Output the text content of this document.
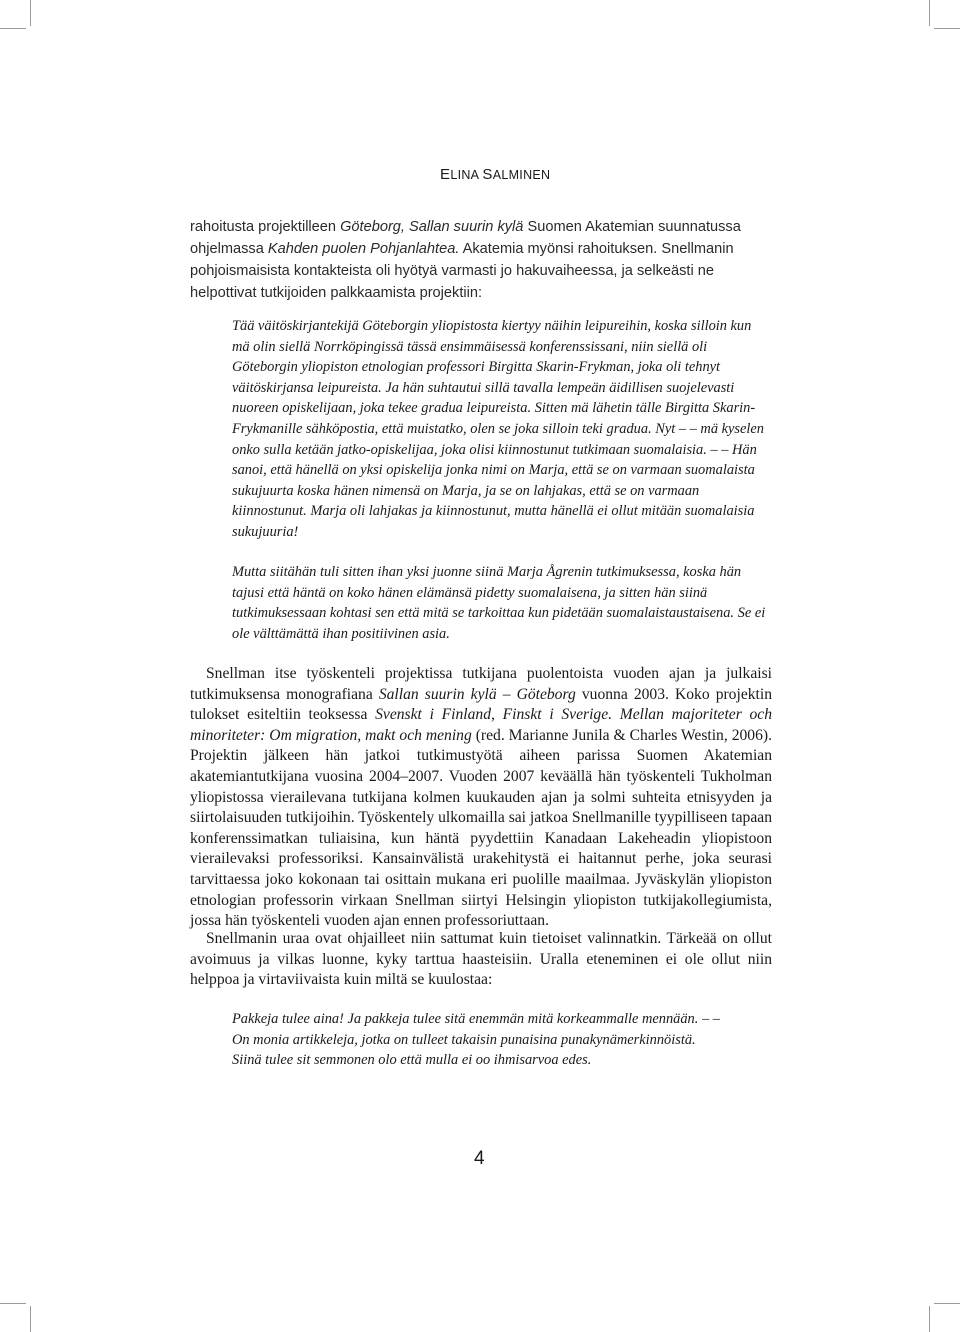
ELINA SALMINEN

rahoitusta projektilleen Göteborg, Sallan suurin kylä Suomen Akatemian suunnatussa ohjelmassa Kahden puolen Pohjanlahtea. Akatemia myönsi rahoituksen. Snellmanin pohjoismaisista kontakteista oli hyötyä varmasti jo hakuvaiheessa, ja selkeästi ne helpottivat tutkijoiden palkkaamista projektiin:

Tää väitöskirjantekijä Göteborgin yliopistosta kiertyy näihin leipureihin, koska silloin kun mä olin siellä Norrköpingissä tässä ensimmäisessä konferenssissani, niin siellä oli Göteborgin yliopiston etnologian professori Birgitta Skarin-Frykman, joka oli tehnyt väitöskirjansa leipureista. Ja hän suhtautui sillä tavalla lempeän äidillisen suojelevasti nuoreen opiskelijaan, joka tekee gradua leipureista. Sitten mä lähetin tälle Birgitta Skarin-Frykmanille sähköpostia, että muistatko, olen se joka silloin teki gradua. Nyt – – mä kyselen onko sulla ketään jatko-opiskelijaa, joka olisi kiinnostunut tutkimaan suomalaisia. – – Hän sanoi, että hänellä on yksi opiskelija jonka nimi on Marja, että se on varmaan suomalaista sukujuurta koska hänen nimensä on Marja, ja se on lahjakas, että se on varmaan kiinnostunut. Marja oli lahjakas ja kiinnostunut, mutta hänellä ei ollut mitään suomalaisia sukujuuria!

Mutta siitähän tuli sitten ihan yksi juonne siinä Marja Ågrenin tutkimuksessa, koska hän tajusi että häntä on koko hänen elämänsä pidetty suomalaisena, ja sitten hän siinä tutkimuksessaan kohtasi sen että mitä se tarkoittaa kun pidetään suomalaistaustaisena. Se ei ole välttämättä ihan positiivinen asia.

Snellman itse työskenteli projektissa tutkijana puolentoista vuoden ajan ja julkaisi tutkimuksensa monografiana Sallan suurin kylä – Göteborg vuonna 2003. Koko projektin tulokset esiteltiin teoksessa Svenskt i Finland, Finskt i Sverige. Mellan majoriteter och minoriteter: Om migration, makt och mening (red. Marianne Junila & Charles Westin, 2006). Projektin jälkeen hän jatkoi tutkimustyötä aiheen parissa Suomen Akatemian akatemiantutkijana vuosina 2004–2007. Vuoden 2007 keväällä hän työskenteli Tukholman yliopistossa vierailevana tutkijana kolmen kuukauden ajan ja solmi suhteita etnisyyden ja siirtolaisuuden tutkijoihin. Työskentely ulkomailla sai jatkoa Snellmanille tyypilliseen tapaan konferenssimatkan tuliaisina, kun häntä pyydettiin Kanadaan Lakeheadin yliopistoon vierailevaksi professoriksi. Kansainvälistä urakehitystä ei haitannut perhe, joka seurasi tarvittaessa joko kokonaan tai osittain mukana eri puolille maailmaa. Jyväskylän yliopiston etnologian professorin virkaan Snellman siirtyi Helsingin yliopiston tutkijakollegiumista, jossa hän työskenteli vuoden ajan ennen professoriuttaan.

Snellmanin uraa ovat ohjailleet niin sattumat kuin tietoiset valinnatkin. Tärkeää on ollut avoimuus ja vilkas luonne, kyky tarttua haasteisiin. Uralla eteneminen ei ole ollut niin helppoa ja virtaviivaista kuin miltä se kuulostaa:

Pakkeja tulee aina! Ja pakkeja tulee sitä enemmän mitä korkeammalle mennään. – –
On monia artikkeleja, jotka on tulleet takaisin punaisina punakynämerkinnöistä.
Siinä tulee sit semmonen olo että mulla ei oo ihmisarvoa edes.
4
